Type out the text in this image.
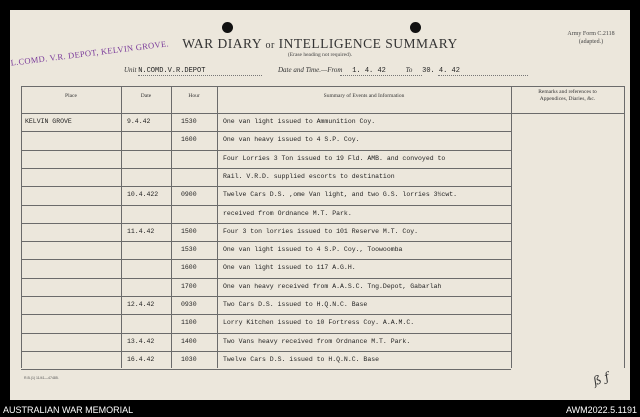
WAR DIARY or INTELLIGENCE SUMMARY
(Erase heading not required).
Army Form C.2118
(adapted.)
L.COMD. V.R. DEPOT, KELVIN GROVE.
Unit N.COMD.V.R.DEPOT	Date and Time.—From 1. 4. 42	To 30. 4. 42
Place	Date	Hour	Summary of Events and Information
Remarks and references to
Appendices, Diaries, &c.
KELVIN GROVE	9.4.42	1530	One van light issued to Ammunition Coy.
1600	One van heavy issued to 4 S.P. Coy.
Four Lorries 3 Ton issued to 19 Fld. AMB. and convoyed to
Rail. V.R.D. supplied escorts to destination
10.4.422	0900	Twelve Cars D.S. ,ome Van light, and two G.S. lorries 3½cwt.
received from Ordnance M.T. Park.
11.4.42	1500	Four 3 ton lorries issued to 101 Reserve M.T. Coy.
1530	One van light issued to 4 S.P. Coy., Toowoomba
1600	One van light issued to 117 A.G.H.
1700	One van heavy received from A.A.S.C. Tng.Depot, Gabarlah
12.4.42	0930	Two Cars D.S. issued to H.Q.N.C. Base
1100	Lorry Kitchen issued to 10 Fortress Coy. A.A.M.C.
13.4.42	1400	Two Vans heavy received from Ordnance M.T. Park.
16.4.42	1030	Twelve Cars D.S. issued to H.Q.N.C. Base
R.B.(1) 11/41—47485.	ß ƒ
AUSTRALIAN WAR MEMORIAL	AWM2022.5.1191
